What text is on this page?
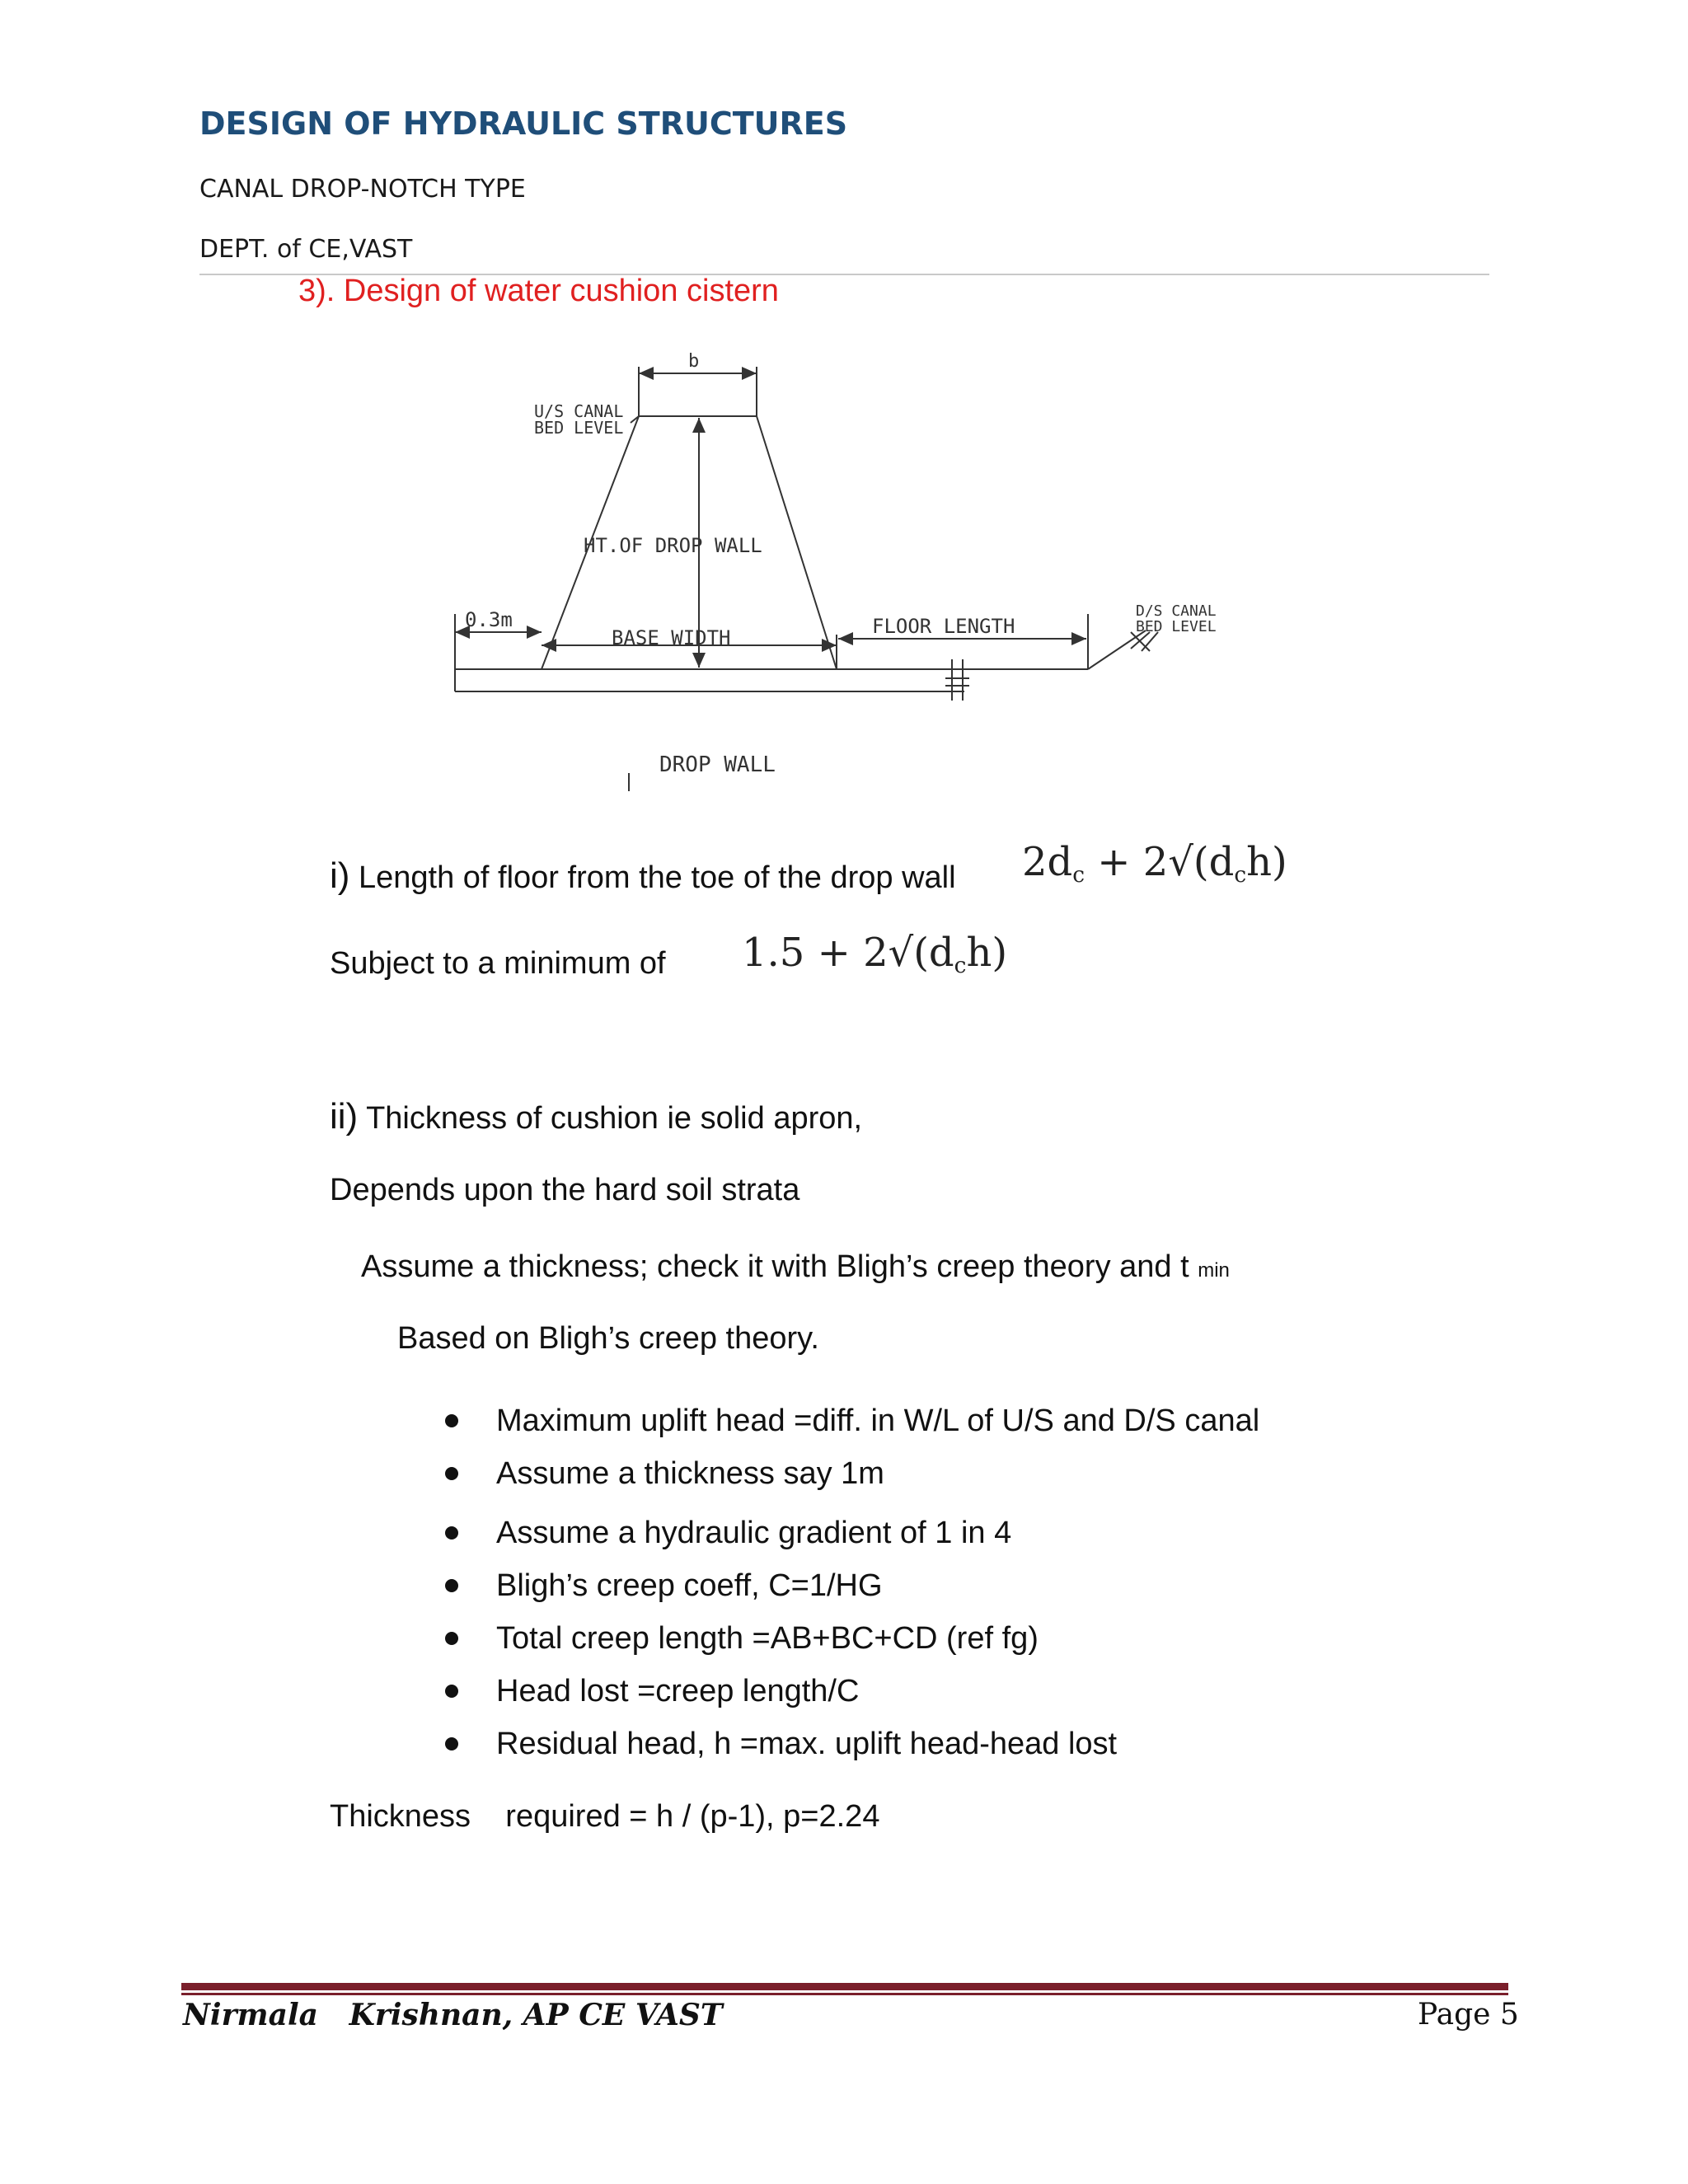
DESIGN OF HYDRAULIC STRUCTURES
CANAL DROP-NOTCH TYPE
DEPT. of CE,VAST
3). Design of water cushion cistern
b
U/S CANAL
BED LEVEL
HT.OF DROP WALL
0.3m
BASE WIDTH	FLOOR LENGTH
D/S CANAL
BED LEVEL
DROP WALL
i) Length of floor from the toe of the drop wall $2d_c + 2√(d_ch)$
Subject to a minimum of $1.5 + 2√(d_ch)$
ii) Thickness of cushion ie solid apron,
Depends upon the hard soil strata
Assume a thickness; check it with Bligh’s creep theory and t min
Based on Bligh’s creep theory.
Maximum uplift head =diff. in W/L of U/S and D/S canal
Assume a thickness say 1m
Assume a hydraulic gradient of 1 in 4
Bligh’s creep coeff, C=1/HG
Total creep length =AB+BC+CD (ref fg)
Head lost =creep length/C
Residual head, h =max. uplift head-head lost
Thickness    required = h / (p-1), p=2.24
Nirmala   Krishnan, AP CE VAST	Page 5
